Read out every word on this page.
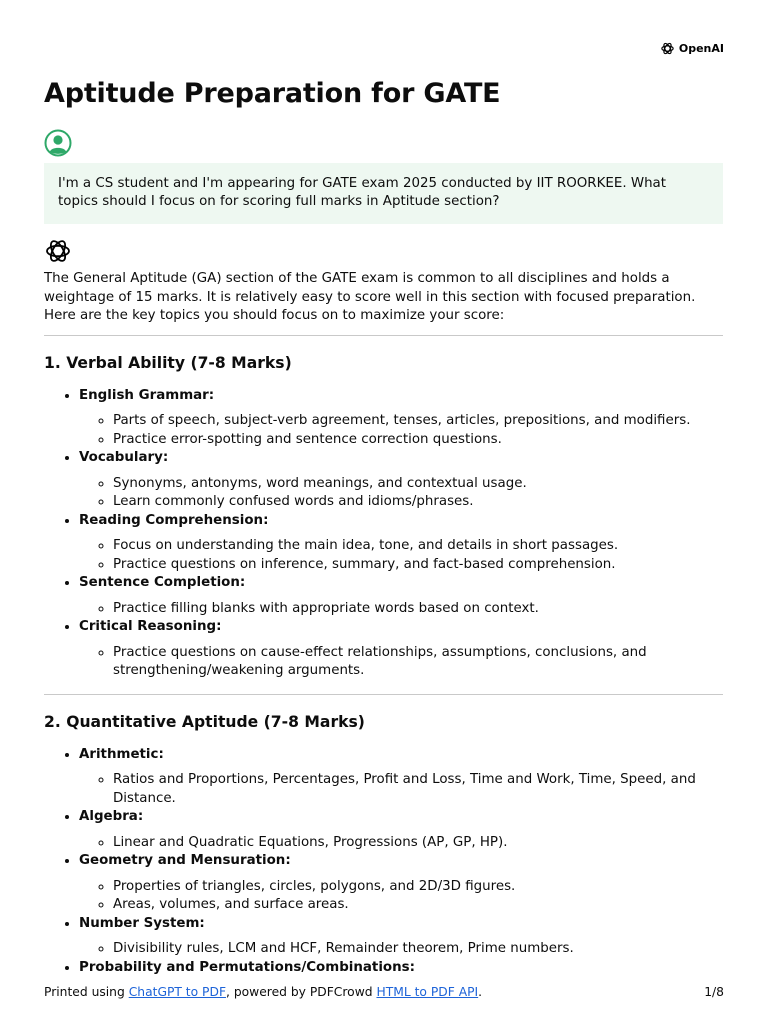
OpenAI
Aptitude Preparation for GATE
I'm a CS student and I'm appearing for GATE exam 2025 conducted by IIT ROORKEE. What topics should I focus on for scoring full marks in Aptitude section?

The General Aptitude (GA) section of the GATE exam is common to all disciplines and holds a weightage of 15 marks. It is relatively easy to score well in this section with focused preparation. Here are the key topics you should focus on to maximize your score:

1. Verbal Ability (7-8 Marks)
• English Grammar:
◦ Parts of speech, subject-verb agreement, tenses, articles, prepositions, and modifiers.
◦ Practice error-spotting and sentence correction questions.
• Vocabulary:
◦ Synonyms, antonyms, word meanings, and contextual usage.
◦ Learn commonly confused words and idioms/phrases.
• Reading Comprehension:
◦ Focus on understanding the main idea, tone, and details in short passages.
◦ Practice questions on inference, summary, and fact-based comprehension.
• Sentence Completion:
◦ Practice filling blanks with appropriate words based on context.
• Critical Reasoning:
◦ Practice questions on cause-effect relationships, assumptions, conclusions, and strengthening/weakening arguments.
2. Quantitative Aptitude (7-8 Marks)
• Arithmetic:
◦ Ratios and Proportions, Percentages, Profit and Loss, Time and Work, Time, Speed, and Distance.
• Algebra:
◦ Linear and Quadratic Equations, Progressions (AP, GP, HP).
• Geometry and Mensuration:
◦ Properties of triangles, circles, polygons, and 2D/3D figures.
◦ Areas, volumes, and surface areas.
• Number System:
◦ Divisibility rules, LCM and HCF, Remainder theorem, Prime numbers.
• Probability and Permutations/Combinations:
Printed using ChatGPT to PDF, powered by PDFCrowd HTML to PDF API.	1/8
